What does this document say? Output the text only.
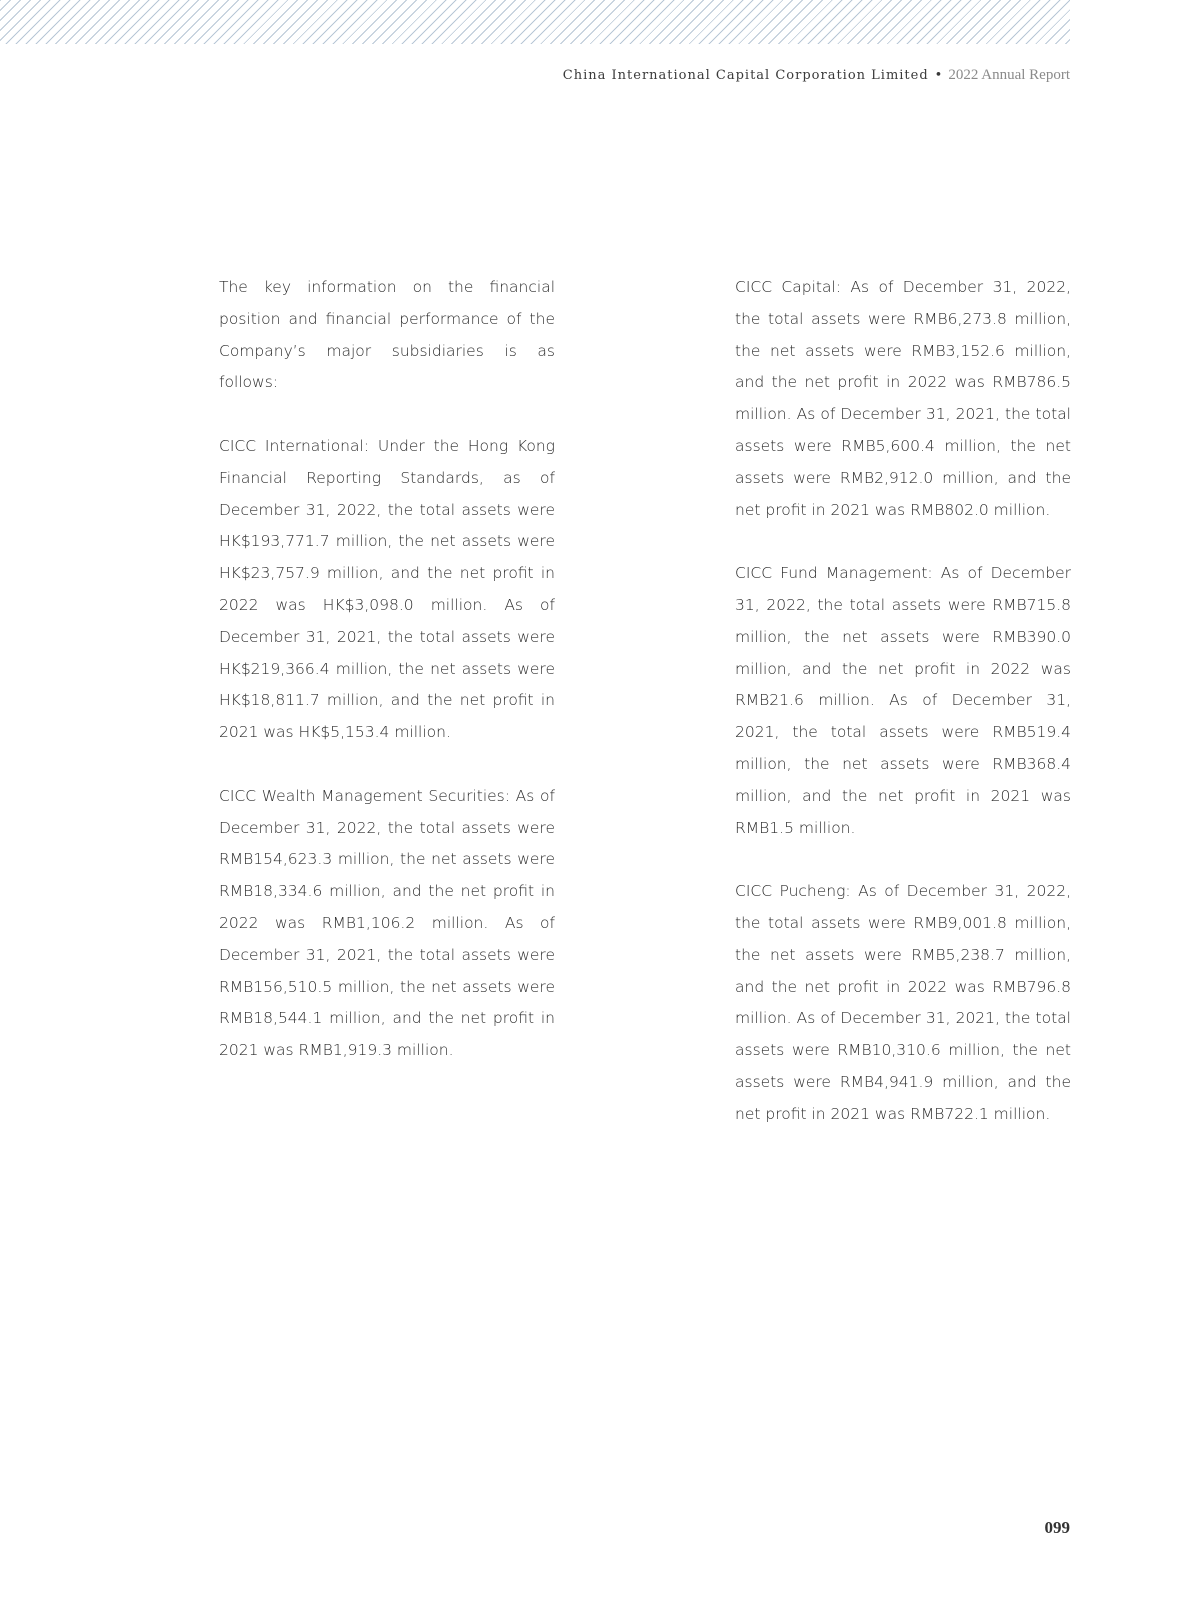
China International Capital Corporation Limited • 2022 Annual Report

The key information on the financial position and financial performance of the Company’s major subsidiaries is as follows:

CICC International: Under the Hong Kong Financial Reporting Standards, as of December 31, 2022, the total assets were HK$193,771.7 million, the net assets were HK$23,757.9 million, and the net profit in 2022 was HK$3,098.0 million. As of December 31, 2021, the total assets were HK$219,366.4 million, the net assets were HK$18,811.7 million, and the net profit in 2021 was HK$5,153.4 million.

CICC Wealth Management Securities: As of December 31, 2022, the total assets were RMB154,623.3 million, the net assets were RMB18,334.6 million, and the net profit in 2022 was RMB1,106.2 million. As of December 31, 2021, the total assets were RMB156,510.5 million, the net assets were RMB18,544.1 million, and the net profit in 2021 was RMB1,919.3 million.

CICC Capital: As of December 31, 2022, the total assets were RMB6,273.8 million, the net assets were RMB3,152.6 million, and the net profit in 2022 was RMB786.5 million. As of December 31, 2021, the total assets were RMB5,600.4 million, the net assets were RMB2,912.0 million, and the net profit in 2021 was RMB802.0 million.

CICC Fund Management: As of December 31, 2022, the total assets were RMB715.8 million, the net assets were RMB390.0 million, and the net profit in 2022 was RMB21.6 million. As of December 31, 2021, the total assets were RMB519.4 million, the net assets were RMB368.4 million, and the net profit in 2021 was RMB1.5 million.

CICC Pucheng: As of December 31, 2022, the total assets were RMB9,001.8 million, the net assets were RMB5,238.7 million, and the net profit in 2022 was RMB796.8 million. As of December 31, 2021, the total assets were RMB10,310.6 million, the net assets were RMB4,941.9 million, and the net profit in 2021 was RMB722.1 million.

099
